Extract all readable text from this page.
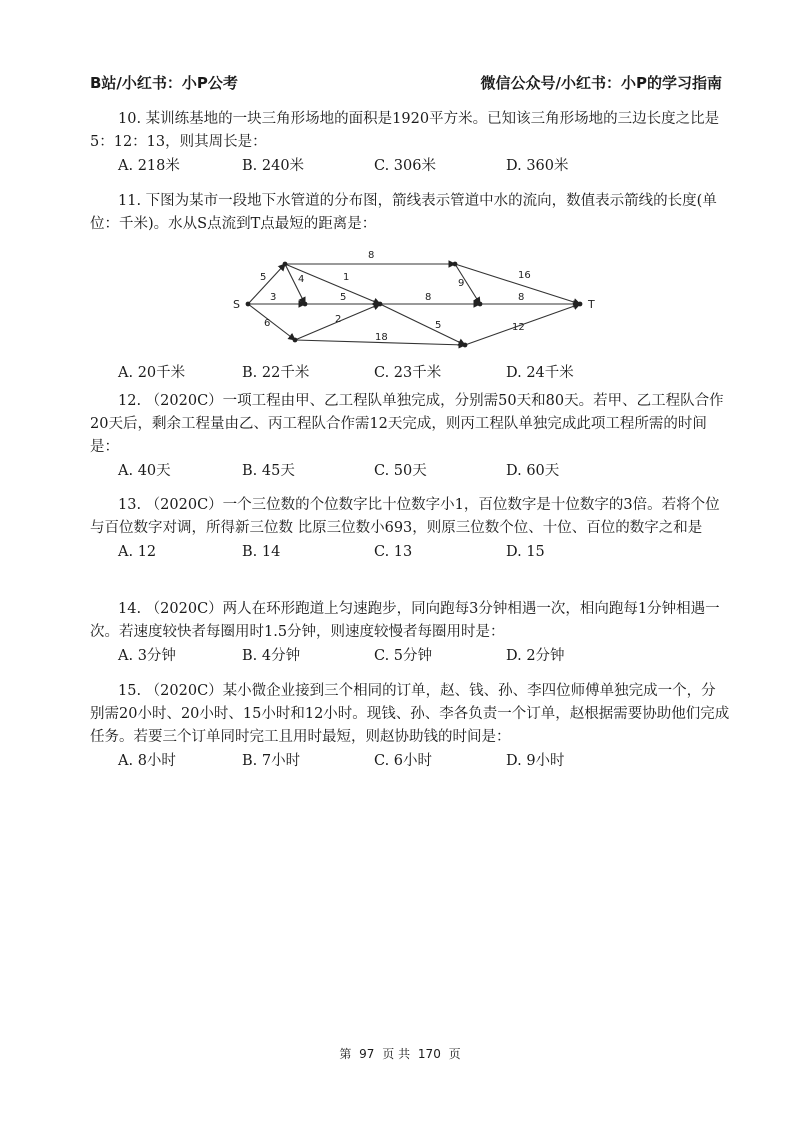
B站/小红书：小P公考	微信公众号/小红书：小P的学习指南

10. 某训练基地的一块三角形场地的面积是1920平方米。已知该三角形场地的三边长度之比是5：12：13，则其周长是：

A. 218米	B. 240米	C. 306米	D. 360米

11. 下图为某市一段地下水管道的分布图，箭线表示管道中水的流向，数值表示箭线的长度(单位：千米)。水从S点流到T点最短的距离是：

S	T
5	4
3
6
8
1
5
2
18
9
8
5
16
8
12
A. 20千米	B. 22千米	C. 23千米	D. 24千米

12. （2020C）一项工程由甲、乙工程队单独完成，分别需50天和80天。若甲、乙工程队合作20天后，剩余工程量由乙、丙工程队合作需12天完成，则丙工程队单独完成此项工程所需的时间是：

A. 40天	B. 45天	C. 50天	D. 60天

13. （2020C）一个三位数的个位数字比十位数字小1，百位数字是十位数字的3倍。若将个位与百位数字对调，所得新三位数 比原三位数小693，则原三位数个位、十位、百位的数字之和是

A. 12	B. 14	C. 13	D. 15

14. （2020C）两人在环形跑道上匀速跑步，同向跑每3分钟相遇一次，相向跑每1分钟相遇一次。若速度较快者每圈用时1.5分钟，则速度较慢者每圈用时是：

A. 3分钟	B. 4分钟	C. 5分钟	D. 2分钟

15. （2020C）某小微企业接到三个相同的订单，赵、钱、孙、李四位师傅单独完成一个，分别需20小时、20小时、15小时和12小时。现钱、孙、李各负责一个订单，赵根据需要协助他们完成任务。若要三个订单同时完工且用时最短，则赵协助钱的时间是：

A. 8小时	B. 7小时	C. 6小时	D. 9小时
第 97 页 共 170 页
